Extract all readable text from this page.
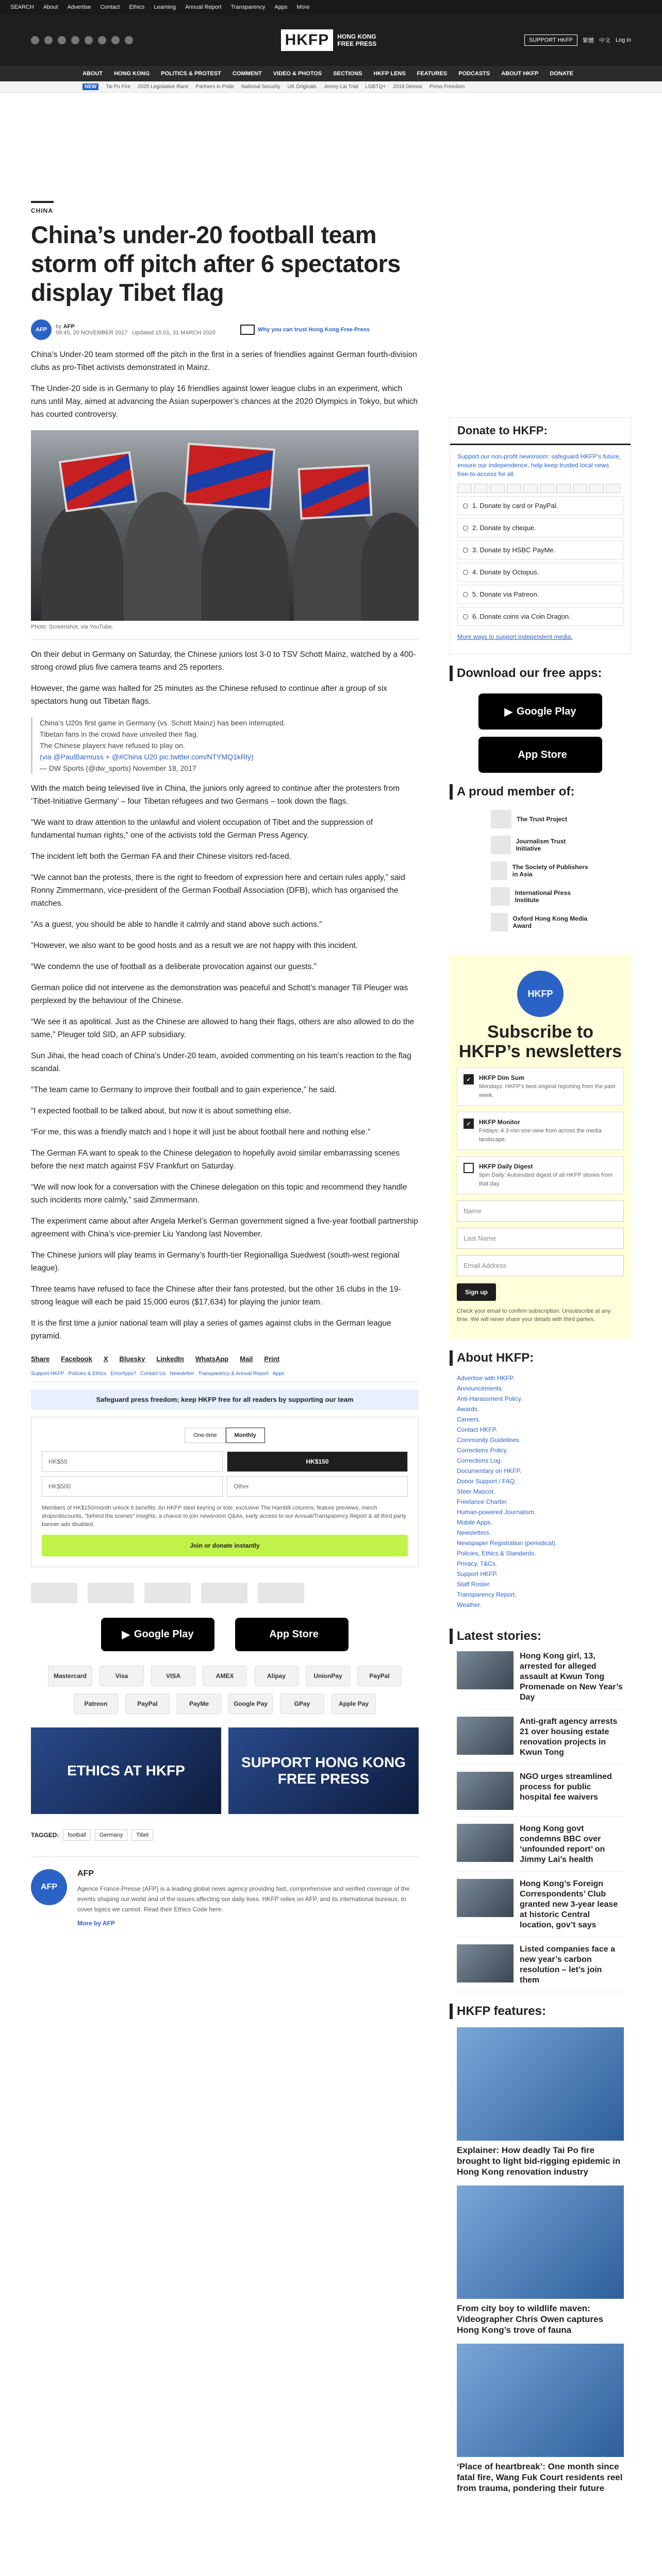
SEARCH About Advertise Contact Ethics Learning Annual Report Transparency Apps More
HKFP	HONG KONG
FREE PRESS	SUPPORT HKFP	繁體 中文 Log in
ABOUT HONG KONG POLITICS & PROTEST COMMENT VIDEO & PHOTOS SECTIONS HKFP LENS FEATURES PODCASTS ABOUT HKFP DONATE
NEW	Tai Po Fire 2025 Legislative Race Partners in Pride National Security UK Originals Jimmy Lai Trial LGBTQ+ 2019 Demos Press Freedom
CHINA
China’s under-20 football team storm off pitch after 6 spectators display Tibet flag
AFP	by AFP
09:45, 20 NOVEMBER 2017 Updated 15:01, 31 MARCH 2020	Why you can trust Hong Kong Free Press

China’s Under-20 team stormed off the pitch in the first in a series of friendlies against German fourth-division clubs as pro-Tibet activists demonstrated in Mainz.

The Under-20 side is in Germany to play 16 friendlies against lower league clubs in an experiment, which runs until May, aimed at advancing the Asian superpower’s chances at the 2020 Olympics in Tokyo, but which has courted controversy.

Photo: Screenshot, via YouTube.

On their debut in Germany on Saturday, the Chinese juniors lost 3-0 to TSV Schott Mainz, watched by a 400-strong crowd plus five camera teams and 25 reporters.

However, the game was halted for 25 minutes as the Chinese refused to continue after a group of six spectators hung out Tibetan flags.

China’s U20s first game in Germany (vs. Schott Mainz) has been interrupted.
Tibetan fans in the crowd have unveiled their flag.
The Chinese players have refused to play on.
(via @PaulBarmuss + @#China U20 pic.twitter.com/NTYMQ1kRly)
— DW Sports (@dw_sports) November 18, 2017

With the match being televised live in China, the juniors only agreed to continue after the protesters from ‘Tibet-Initiative Germany’ – four Tibetan refugees and two Germans – took down the flags.

“We want to draw attention to the unlawful and violent occupation of Tibet and the suppression of fundamental human rights,” one of the activists told the German Press Agency.

The incident left both the German FA and their Chinese visitors red-faced.

“We cannot ban the protests, there is the right to freedom of expression here and certain rules apply,” said Ronny Zimmermann, vice-president of the German Football Association (DFB), which has organised the matches.

“As a guest, you should be able to handle it calmly and stand above such actions.”

“However, we also want to be good hosts and as a result we are not happy with this incident.

“We condemn the use of football as a deliberate provocation against our guests.”

German police did not intervene as the demonstration was peaceful and Schott’s manager Till Pleuger was perplexed by the behaviour of the Chinese.

“We see it as apolitical. Just as the Chinese are allowed to hang their flags, others are also allowed to do the same,” Pleuger told SID, an AFP subsidiary.

Sun Jihai, the head coach of China’s Under-20 team, avoided commenting on his team’s reaction to the flag scandal.

“The team came to Germany to improve their football and to gain experience,” he said.

“I expected football to be talked about, but now it is about something else.

“For me, this was a friendly match and I hope it will just be about football here and nothing else.”

The German FA want to speak to the Chinese delegation to hopefully avoid similar embarrassing scenes before the next match against FSV Frankfurt on Saturday.

“We will now look for a conversation with the Chinese delegation on this topic and recommend they handle such incidents more calmly,” said Zimmermann.

The experiment came about after Angela Merkel’s German government signed a five-year football partnership agreement with China’s vice-premier Liu Yandong last November.

The Chinese juniors will play teams in Germany’s fourth-tier Regionalliga Suedwest (south-west regional league).

Three teams have refused to face the Chinese after their fans protested, but the other 16 clubs in the 19-strong league will each be paid 15,000 euros ($17,634) for playing the junior team.

It is the first time a junior national team will play a series of games against clubs in the German league pyramid.

Share Facebook X Bluesky LinkedIn WhatsApp Mail Print
Support HKFP Policies & Ethics Error/typo? Contact Us Newsletter Transparency & Annual Report Apps
Safeguard press freedom; keep HKFP free for all readers by supporting our team
One-time	Monthly
HK$50	HK$150
HK$500	Other
Members of HK$150/month unlock 6 benefits: An HKFP steel keyring or tote, exclusive The Hambili columns, feature previews, merch drops/discounts, "behind the scenes" insights, a chance to join newsroom Q&As, early access to our Annual/Transparency Report & all third party banner ads disabled.
Join or donate instantly
▶ Google Play	App Store
Mastercard	Visa	VISA	AMEX	Alipay	UnionPay	PayPal
Patreon	PayPal	PayMe	Google Pay	GPay	Apple Pay
ETHICS AT HKFP
SUPPORT HONG KONG FREE PRESS
TAGGED:	football	Germany	Tibet
AFP
AFP
Agence France-Presse (AFP) is a leading global news agency providing fast, comprehensive and verified coverage of the events shaping our world and of the issues affecting our daily lives. HKFP relies on AFP, and its international bureaus, to cover topics we cannot. Read their Ethics Code here.
More by AFP
Donate to HKFP:
Support our non-profit newsroom: safeguard HKFP’s future, ensure our independence, help keep trusted local news free-to-access for all.
1. Donate by card or PayPal.
2. Donate by cheque.
3. Donate by HSBC PayMe.
4. Donate by Octopus.
5. Donate via Patreon.
6. Donate coins via Coin Dragon.
More ways to support independent media.
Download our free apps:
▶ Google Play
App Store
A proud member of:
The Trust Project
Journalism Trust Initiative
The Society of Publishers in Asia
International Press Institute
Oxford Hong Kong Media Award
HKFP
Subscribe to HKFP’s newsletters
✓	HKFP Dim Sum
Mondays: HKFP’s best original reporting from the past week.
✓	HKFP Monitor
Fridays: A 3-min one-view from across the media landscape.
HKFP Daily Digest
9pm Daily: Automated digest of all HKFP stories from that day.
Name
Last Name
Email Address
Sign up
Check your email to confirm subscription. Unsubscribe at any time. We will never share your details with third parties.
About HKFP:
Advertise with HKFP.
Announcements.
Anti-Harassment Policy.
Awards.
Careers.
Contact HKFP.
Community Guidelines.
Corrections Policy.
Corrections Log.
Documentary on HKFP.
Donor Support / FAQ.
Steer Mascot.
Freelance Charter.
Human-powered Journalism.
Mobile Apps.
Newsletters.
Newspaper Registration (periodical).
Policies, Ethics & Standards.
Privacy, T&Cs.
Support HKFP.
Staff Roster.
Transparency Report.
Weather.
Latest stories:
Hong Kong girl, 13, arrested for alleged assault at Kwun Tong Promenade on New Year’s Day
Anti-graft agency arrests 21 over housing estate renovation projects in Kwun Tong
NGO urges streamlined process for public hospital fee waivers
Hong Kong govt condemns BBC over ‘unfounded report’ on Jimmy Lai’s health
Hong Kong’s Foreign Correspondents’ Club granted new 3-year lease at historic Central location, gov’t says
Listed companies face a new year’s carbon resolution – let’s join them
HKFP features:
Explainer: How deadly Tai Po fire brought to light bid-rigging epidemic in Hong Kong renovation industry
From city boy to wildlife maven: Videographer Chris Owen captures Hong Kong’s trove of fauna
‘Place of heartbreak’: One month since fatal fire, Wang Fuk Court residents reel from trauma, pondering their future
